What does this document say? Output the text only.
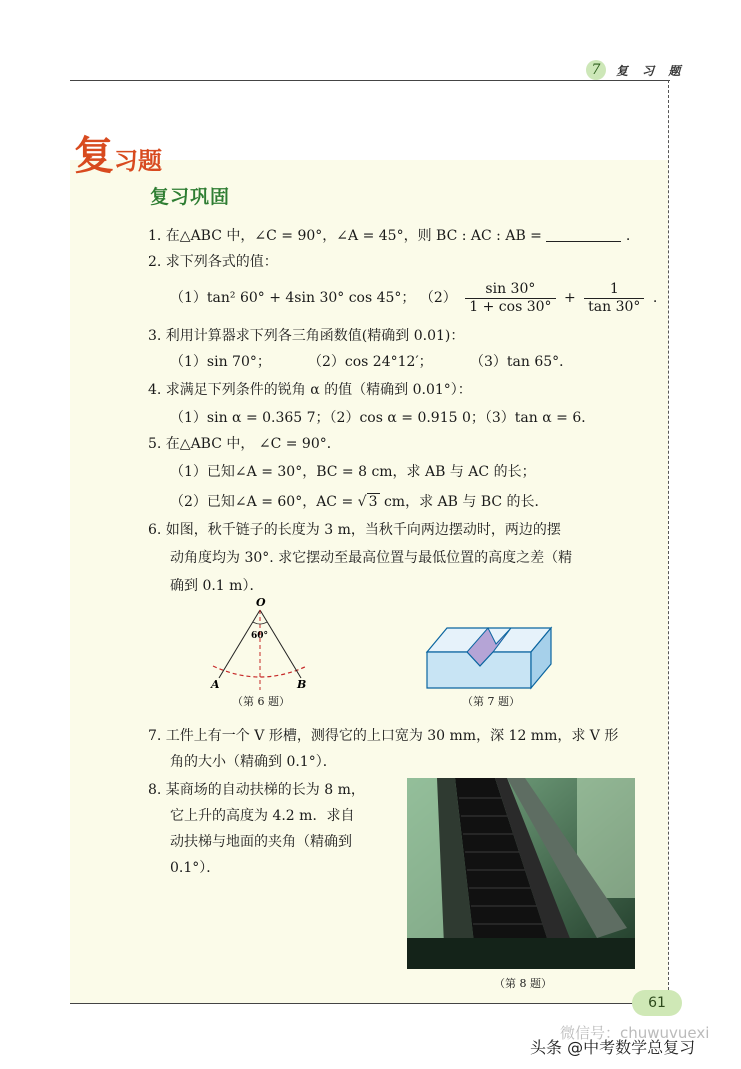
7	复 习 题
复习题
复习巩固
1. 在△ABC 中，∠C = 90°，∠A = 45°，则 BC : AC : AB =	.
2. 求下列各式的值：
（1）tan² 60° + 4sin 30° cos 45°； $(2) \frac{\sin 30^\circ}{1 + \cos 30^\circ} + \frac{1}{\tan 30^\circ}$ .
3. 利用计算器求下列各三角函数值(精确到 0.01)：
（1）sin 70°；	（2）cos 24°12′；	（3）tan 65°．
4. 求满足下列条件的锐角 α 的值（精确到 0.01°）：
（1）sin α = 0.365 7；（2）cos α = 0.915 0；（3）tan α = 6．
5. 在△ABC 中， ∠C = 90°．
（1）已知∠A = 30°，BC = 8 cm，求 AB 与 AC 的长；
（2）已知∠A = 60°，AC = √ 3 cm，求 AB 与 BC 的长．
6. 如图，秋千链子的长度为 3 m，当秋千向两边摆动时，两边的摆
动角度均为 30°. 求它摆动至最高位置与最低位置的高度之差（精
确到 0.1 m）．
O
60°
A	B
（第 6 题）	（第 7 题）
7. 工件上有一个 V 形槽，测得它的上口宽为 30 mm，深 12 mm，求 V 形
角的大小（精确到 0.1°）．
8. 某商场的自动扶梯的长为 8 m，
它上升的高度为 4.2 m．求自
动扶梯与地面的夹角（精确到
0.1°）．
（第 8 题）
61
微信号：chuwuvuexi
头条 @中考数学总复习
